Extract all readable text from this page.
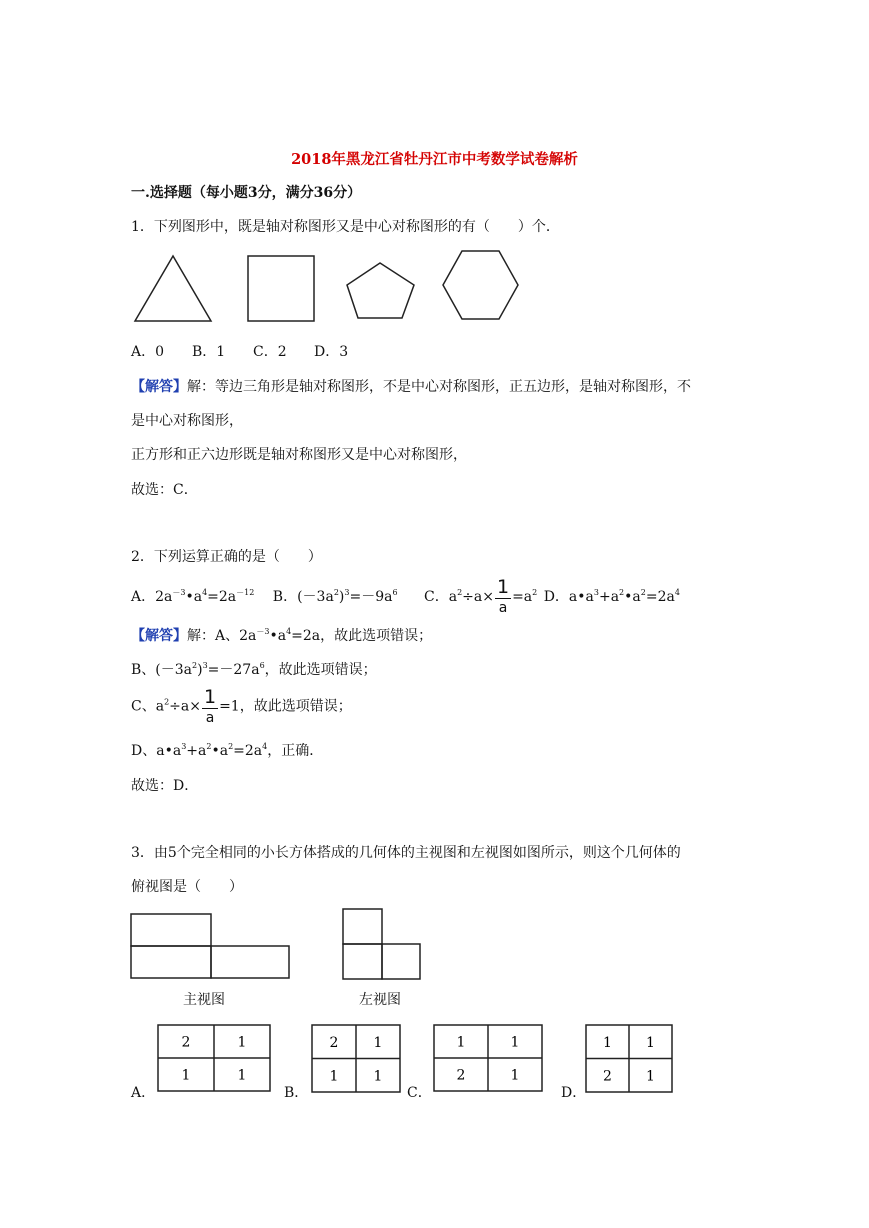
2018年黑龙江省牡丹江市中考数学试卷解析
一.选择题（每小题3分，满分36分）
1．下列图形中，既是轴对称图形又是中心对称图形的有（　　）个．
A．0 B．1 C．2 D．3
【解答】解：等边三角形是轴对称图形，不是中心对称图形，正五边形，是轴对称图形，不
是中心对称图形，
正方形和正六边形既是轴对称图形又是中心对称图形，
故选：C．
2．下列运算正确的是（　　）
A．$2a^{-3}•a^4=2a^{-12}$ B．$(-3a^2)^3=-9a^6$ C．$a^2\div a\times \frac{1}{a} =a^2$ D．$a•a^3+a^2•a^2=2a^4$
【解答】解：A、$2a^{-3}•a^4=2a$，故此选项错误；
B、$(-3a^2)^3=-27a^6$，故此选项错误；
C、$a^2\div a\times \frac{1}{a} =1$，故此选项错误；
D、$a•a^3+a^2•a^2=2a^4$，正确．
故选：D．
3．由5个完全相同的小长方体搭成的几何体的主视图和左视图如图所示，则这个几何体的
俯视图是（　　）
主视图	左视图
A．	B．	C．	D．
2	1
1	1
2	1
1	1
1	1
2	1
1 1
2 1
